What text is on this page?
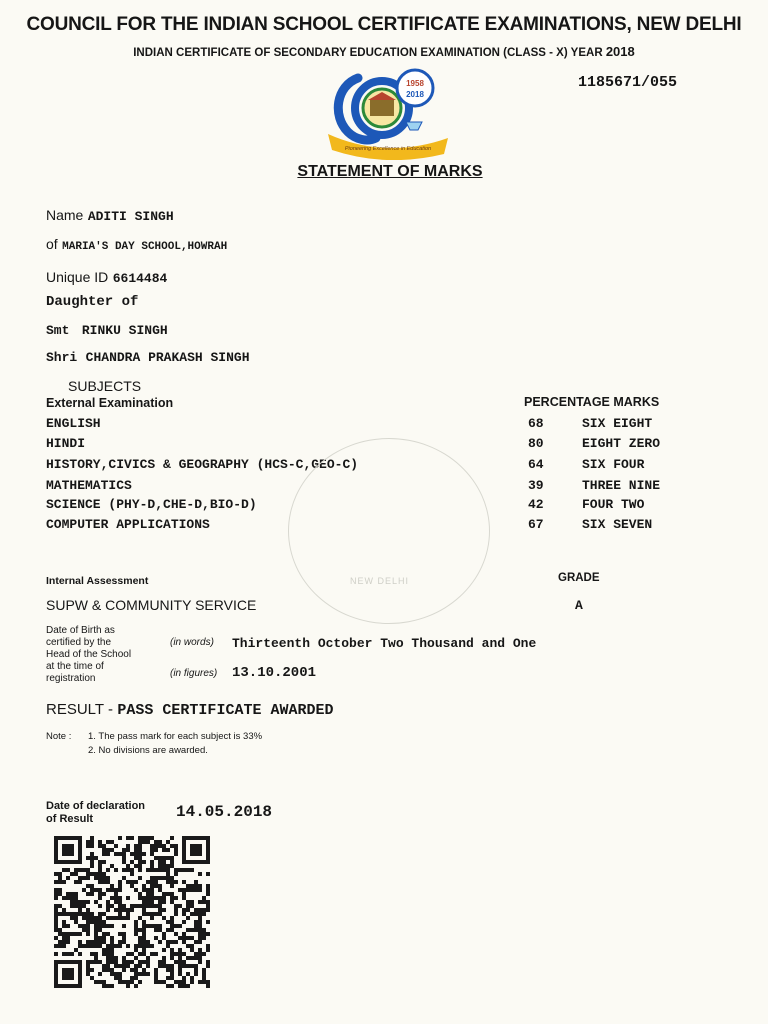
COUNCIL FOR THE INDIAN SCHOOL CERTIFICATE EXAMINATIONS, NEW DELHI
INDIAN CERTIFICATE OF SECONDARY EDUCATION EXAMINATION (CLASS - X) YEAR 2018
1185671/055
1958
2018
Pioneering Excellence in Education
STATEMENT OF MARKS
Name ADITI SINGH
of MARIA'S DAY SCHOOL,HOWRAH
Unique ID 6614484
Daughter of
Smt RINKU SINGH
Shri CHANDRA PRAKASH SINGH
SUBJECTS
External Examination	PERCENTAGE MARKS
ENGLISH	68	SIX EIGHT
HINDI	80	EIGHT ZERO
HISTORY,CIVICS & GEOGRAPHY (HCS-C,GEO-C)	64	SIX FOUR
MATHEMATICS	39	THREE NINE
SCIENCE (PHY-D,CHE-D,BIO-D)	42	FOUR TWO
COMPUTER APPLICATIONS	67	SIX SEVEN
NEW DELHI
Internal Assessment	GRADE
SUPW & COMMUNITY SERVICE	A
Date of Birth as
certified by the
Head of the School
at the time of
registration
(in words) Thirteenth October Two Thousand and One
(in figures) 13.10.2001
RESULT - PASS CERTIFICATE AWARDED
Note : 1. The pass mark for each subject is 33%
2. No divisions are awarded.
Date of declaration
of Result	14.05.2018
